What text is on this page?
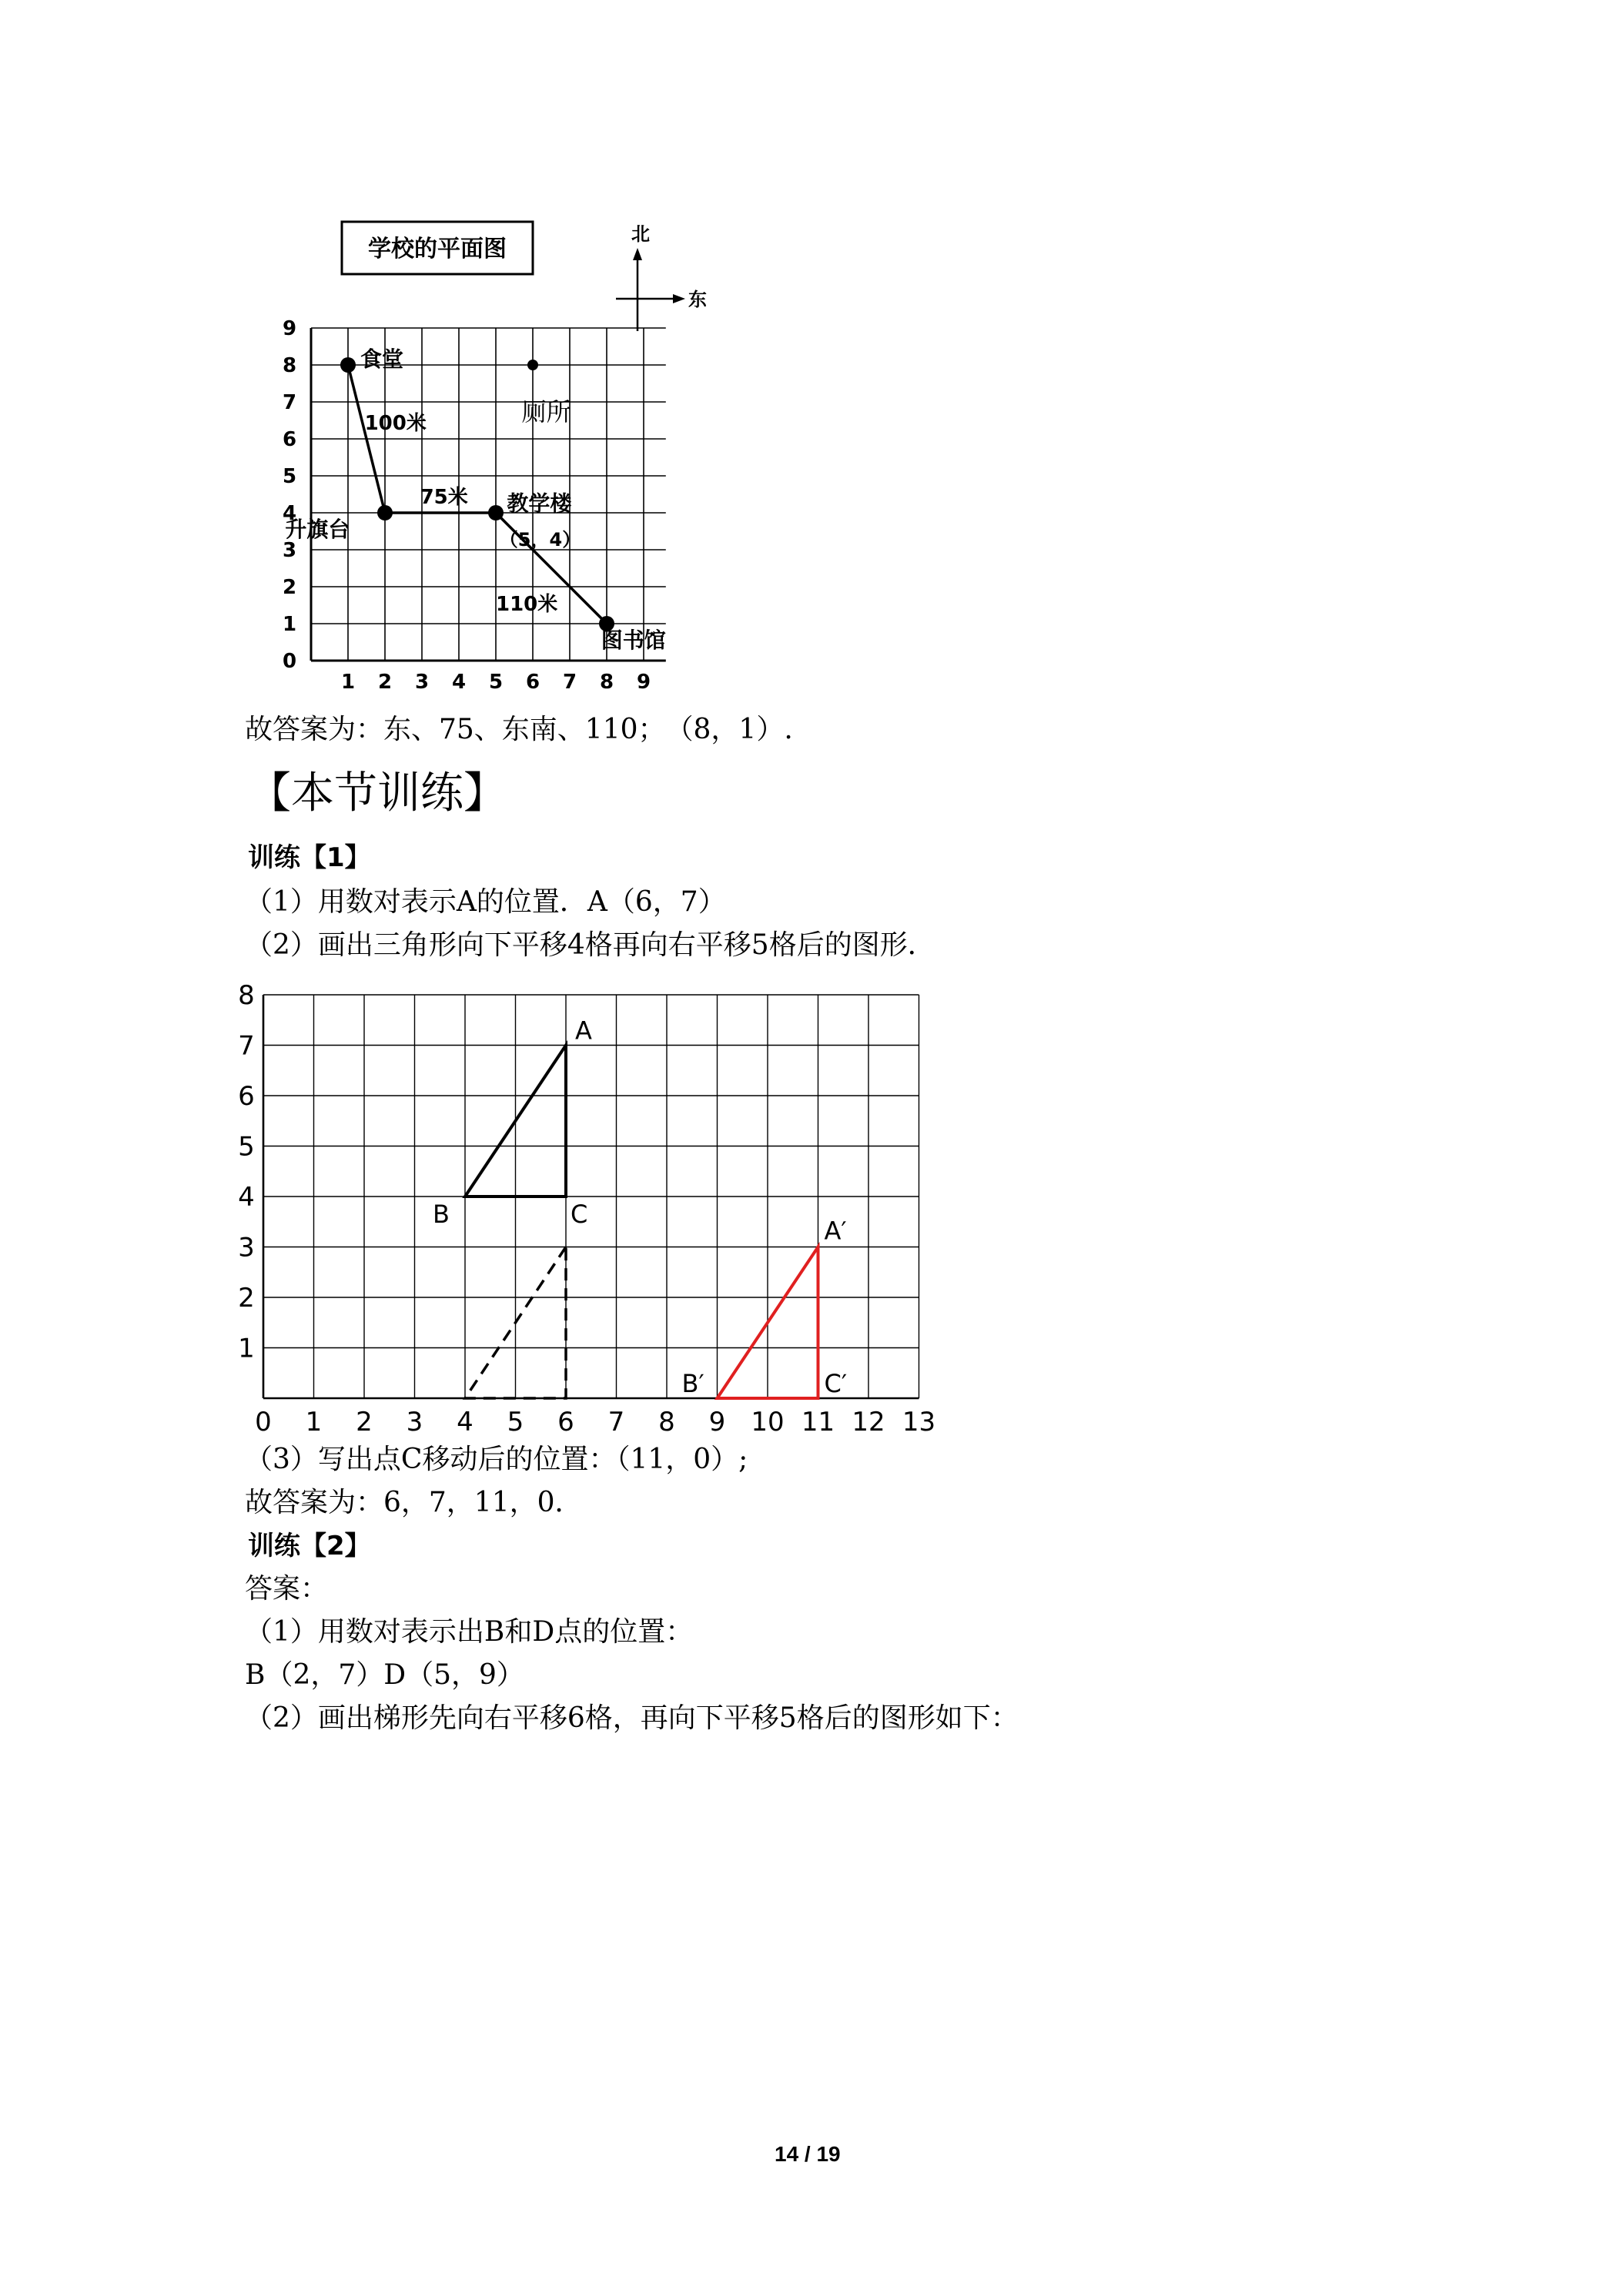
学校的平面图
北
东
1 2 3 4 5 6 7 8 9
0
1
2
3
4
5
6
7
8
9
食堂
厕所
升旗台
教学楼
（5，4）
图书馆
100米
75米
110米
故答案为：东、75、东南、110；　（8，1）.
【本节训练】
训练【1】
（1）用数对表示A的位置．A（6，7）
（2）画出三角形向下平移4格再向右平移5格后的图形．
0 1 2 3 4 5 6 7 8 9 10 11 12 13
1
2
3
4
5
6
7
8
A
B	C
A′
B′	C′
（3）写出点C移动后的位置：（11，0）;
故答案为：6，7，11，0．
训练【2】
答案：
（1）用数对表示出B和D点的位置：
B（2，7）D（5，9）
（2）画出梯形先向右平移6格，再向下平移5格后的图形如下：
14 / 19
